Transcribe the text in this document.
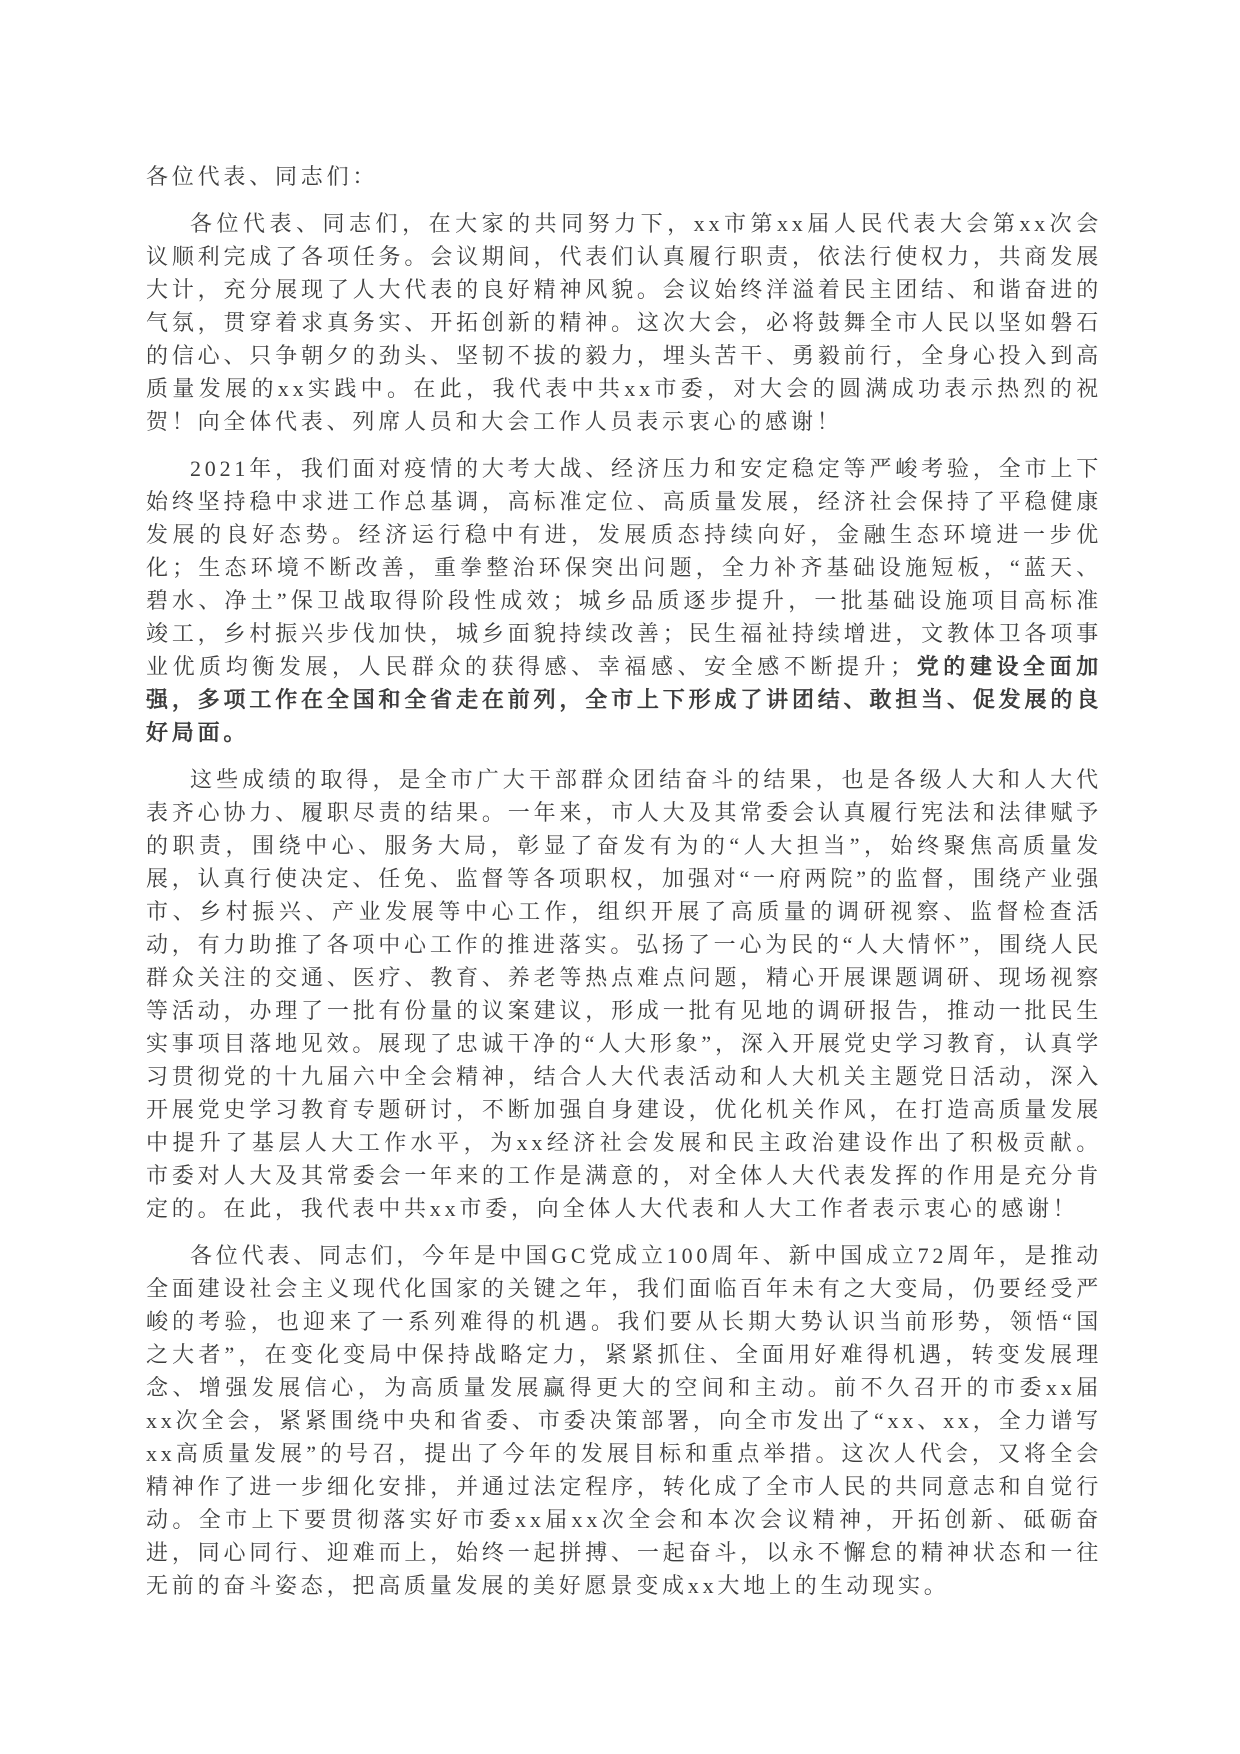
各位代表、同志们：

各位代表、同志们，在大家的共同努力下，xx市第xx届人民代表大会第xx次会议顺利完成了各项任务。会议期间，代表们认真履行职责，依法行使权力，共商发展大计，充分展现了人大代表的良好精神风貌。会议始终洋溢着民主团结、和谐奋进的气氛，贯穿着求真务实、开拓创新的精神。这次大会，必将鼓舞全市人民以坚如磐石的信心、只争朝夕的劲头、坚韧不拔的毅力，埋头苦干、勇毅前行，全身心投入到高质量发展的xx实践中。在此，我代表中共xx市委，对大会的圆满成功表示热烈的祝贺！向全体代表、列席人员和大会工作人员表示衷心的感谢！

2021年，我们面对疫情的大考大战、经济压力和安定稳定等严峻考验，全市上下始终坚持稳中求进工作总基调，高标准定位、高质量发展，经济社会保持了平稳健康发展的良好态势。经济运行稳中有进，发展质态持续向好，金融生态环境进一步优化；生态环境不断改善，重拳整治环保突出问题，全力补齐基础设施短板，“蓝天、碧水、净土”保卫战取得阶段性成效；城乡品质逐步提升，一批基础设施项目高标准竣工，乡村振兴步伐加快，城乡面貌持续改善；民生福祉持续增进，文教体卫各项事业优质均衡发展，人民群众的获得感、幸福感、安全感不断提升；党的建设全面加强，多项工作在全国和全省走在前列，全市上下形成了讲团结、敢担当、促发展的良好局面。

这些成绩的取得，是全市广大干部群众团结奋斗的结果，也是各级人大和人大代表齐心协力、履职尽责的结果。一年来，市人大及其常委会认真履行宪法和法律赋予的职责，围绕中心、服务大局，彰显了奋发有为的“人大担当”，始终聚焦高质量发展，认真行使决定、任免、监督等各项职权，加强对“一府两院”的监督，围绕产业强市、乡村振兴、产业发展等中心工作，组织开展了高质量的调研视察、监督检查活动，有力助推了各项中心工作的推进落实。弘扬了一心为民的“人大情怀”，围绕人民群众关注的交通、医疗、教育、养老等热点难点问题，精心开展课题调研、现场视察等活动，办理了一批有份量的议案建议，形成一批有见地的调研报告，推动一批民生实事项目落地见效。展现了忠诚干净的“人大形象”，深入开展党史学习教育，认真学习贯彻党的十九届六中全会精神，结合人大代表活动和人大机关主题党日活动，深入开展党史学习教育专题研讨，不断加强自身建设，优化机关作风，在打造高质量发展中提升了基层人大工作水平，为xx经济社会发展和民主政治建设作出了积极贡献。市委对人大及其常委会一年来的工作是满意的，对全体人大代表发挥的作用是充分肯定的。在此，我代表中共xx市委，向全体人大代表和人大工作者表示衷心的感谢！

各位代表、同志们，今年是中国GC党成立100周年、新中国成立72周年，是推动全面建设社会主义现代化国家的关键之年，我们面临百年未有之大变局，仍要经受严峻的考验，也迎来了一系列难得的机遇。我们要从长期大势认识当前形势，领悟“国之大者”，在变化变局中保持战略定力，紧紧抓住、全面用好难得机遇，转变发展理念、增强发展信心，为高质量发展赢得更大的空间和主动。前不久召开的市委xx届xx次全会，紧紧围绕中央和省委、市委决策部署，向全市发出了“xx、xx，全力谱写xx高质量发展”的号召，提出了今年的发展目标和重点举措。这次人代会，又将全会精神作了进一步细化安排，并通过法定程序，转化成了全市人民的共同意志和自觉行动。全市上下要贯彻落实好市委xx届xx次全会和本次会议精神，开拓创新、砥砺奋进，同心同行、迎难而上，始终一起拼搏、一起奋斗，以永不懈怠的精神状态和一往无前的奋斗姿态，把高质量发展的美好愿景变成xx大地上的生动现实。
